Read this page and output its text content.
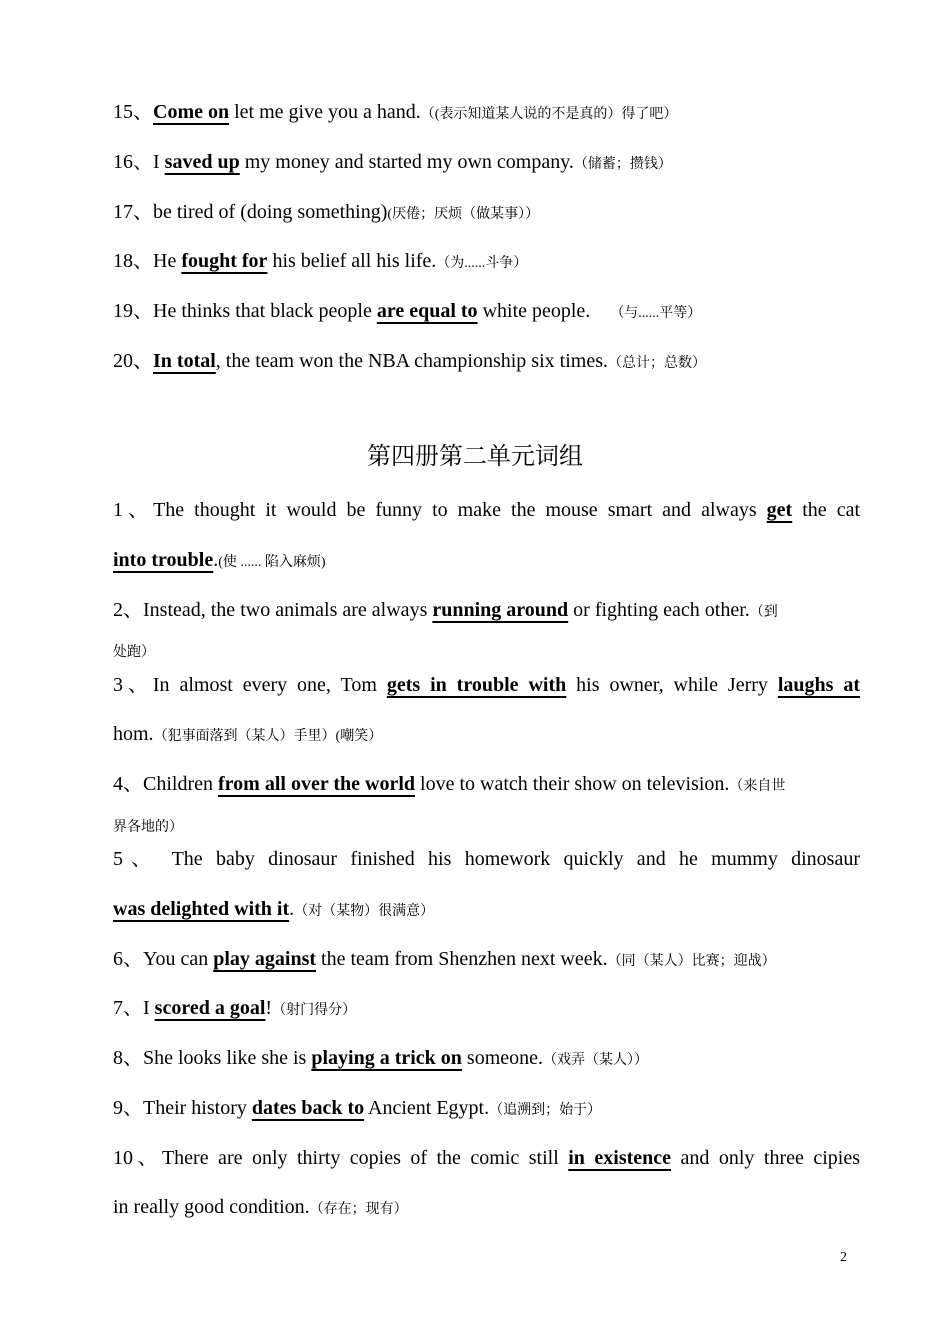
15、Come on let me give you a hand.（(表示知道某人说的不是真的）得了吧）
16、I saved up my money and started my own company.（储蓄；攒钱）
17、be tired of (doing something)(厌倦；厌烦（做某事））
18、He fought for his belief all his life.（为......斗争）
19、He thinks that black people are equal to white people. （与......平等）
20、In total, the team won the NBA championship six times.（总计；总数）
第四册第二单元词组
1、The thought it would be funny to make the mouse smart and always get the cat
into trouble.(使 ...... 陷入麻烦)
2、Instead, the two animals are always running around or fighting each other.（到
处跑）
3、In almost every one, Tom gets in trouble with his owner, while Jerry laughs at
hom.（犯事面落到（某人）手里）(嘲笑）
4、Children from all over the world love to watch their show on television.（来自世
界各地的）
5、 The baby dinosaur finished his homework quickly and he mummy dinosaur
was delighted with it.（对（某物）很满意）
6、You can play against the team from Shenzhen next week.（同（某人）比赛；迎战）
7、I scored a goal!（射门得分）
8、She looks like she is playing a trick on someone.（戏弄（某人））
9、Their history dates back to Ancient Egypt.（追溯到；始于）
10、There are only thirty copies of the comic still in existence and only three cipies
in really good condition.（存在；现有）
2
